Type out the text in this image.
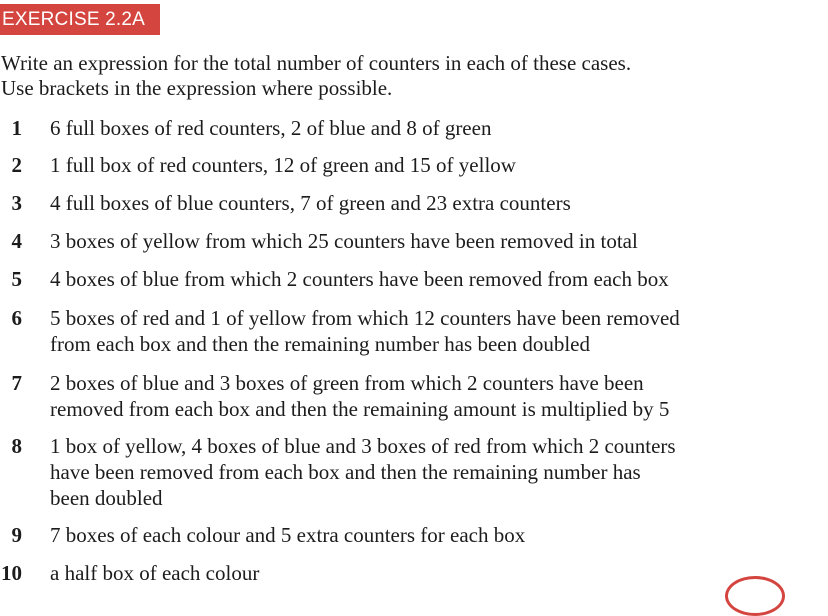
EXERCISE 2.2A
Write an expression for the total number of counters in each of these cases.
Use brackets in the expression where possible.
1 6 full boxes of red counters, 2 of blue and 8 of green
2 1 full box of red counters, 12 of green and 15 of yellow
3 4 full boxes of blue counters, 7 of green and 23 extra counters
4 3 boxes of yellow from which 25 counters have been removed in total
5 4 boxes of blue from which 2 counters have been removed from each box
6 5 boxes of red and 1 of yellow from which 12 counters have been removed
from each box and then the remaining number has been doubled
7 2 boxes of blue and 3 boxes of green from which 2 counters have been
removed from each box and then the remaining amount is multiplied by 5
8 1 box of yellow, 4 boxes of blue and 3 boxes of red from which 2 counters
have been removed from each box and then the remaining number has
been doubled
9 7 boxes of each colour and 5 extra counters for each box
10 a half box of each colour
